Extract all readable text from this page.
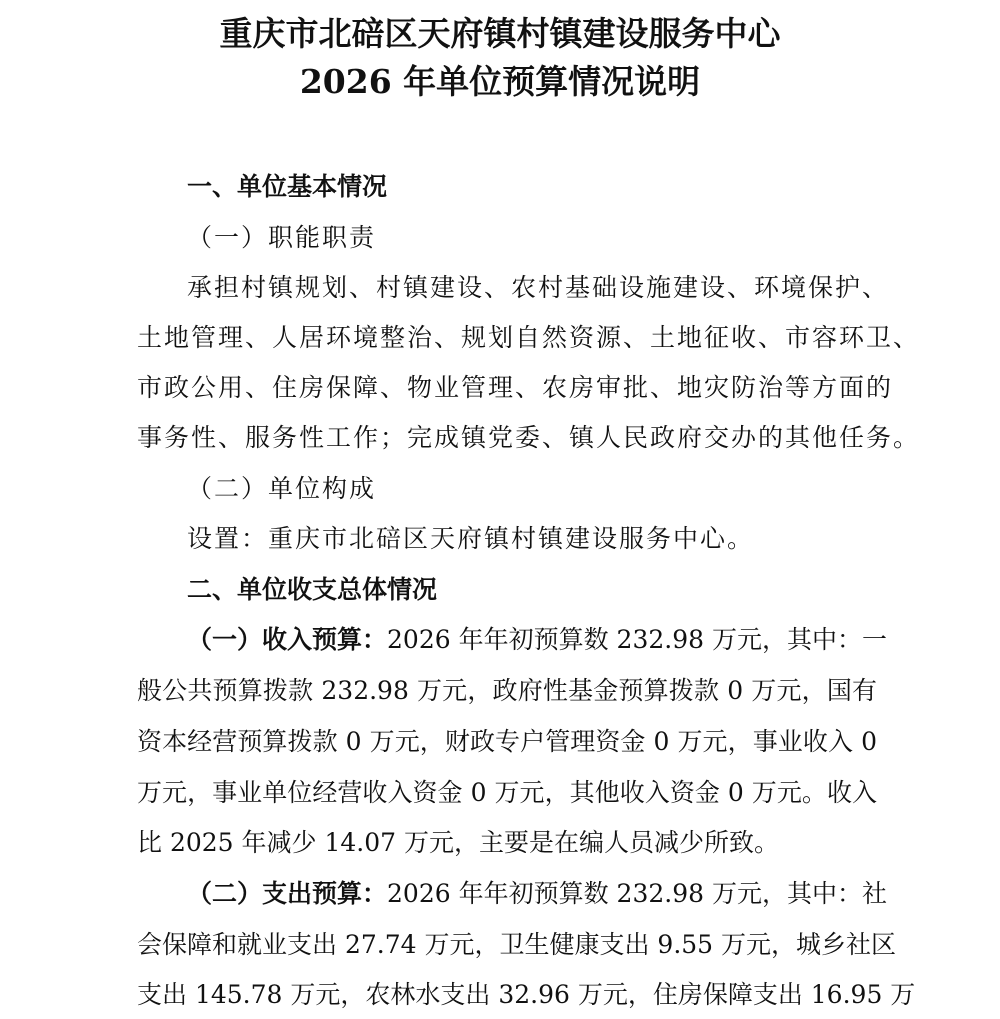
重庆市北碚区天府镇村镇建设服务中心
2026 年单位预算情况说明
一、单位基本情况
（一）职能职责
承担村镇规划、村镇建设、农村基础设施建设、环境保护、
土地管理、人居环境整治、规划自然资源、土地征收、市容环卫、
市政公用、住房保障、物业管理、农房审批、地灾防治等方面的
事务性、服务性工作；完成镇党委、镇人民政府交办的其他任务。
（二）单位构成
设置：重庆市北碚区天府镇村镇建设服务中心。
二、单位收支总体情况
（一）收入预算： 2026 年年初预算数 232.98 万元，其中：一
般公共预算拨款 232.98 万元，政府性基金预算拨款 0 万元，国有
资本经营预算拨款 0 万元，财政专户管理资金 0 万元，事业收入 0
万元，事业单位经营收入资金 0 万元，其他收入资金 0 万元。收入
比 2025 年减少 14.07 万元，主要是在编人员减少所致。
（二）支出预算： 2026 年年初预算数 232.98 万元，其中：社
会保障和就业支出 27.74 万元，卫生健康支出 9.55 万元，城乡社区
支出 145.78 万元，农林水支出 32.96 万元，住房保障支出 16.95 万
